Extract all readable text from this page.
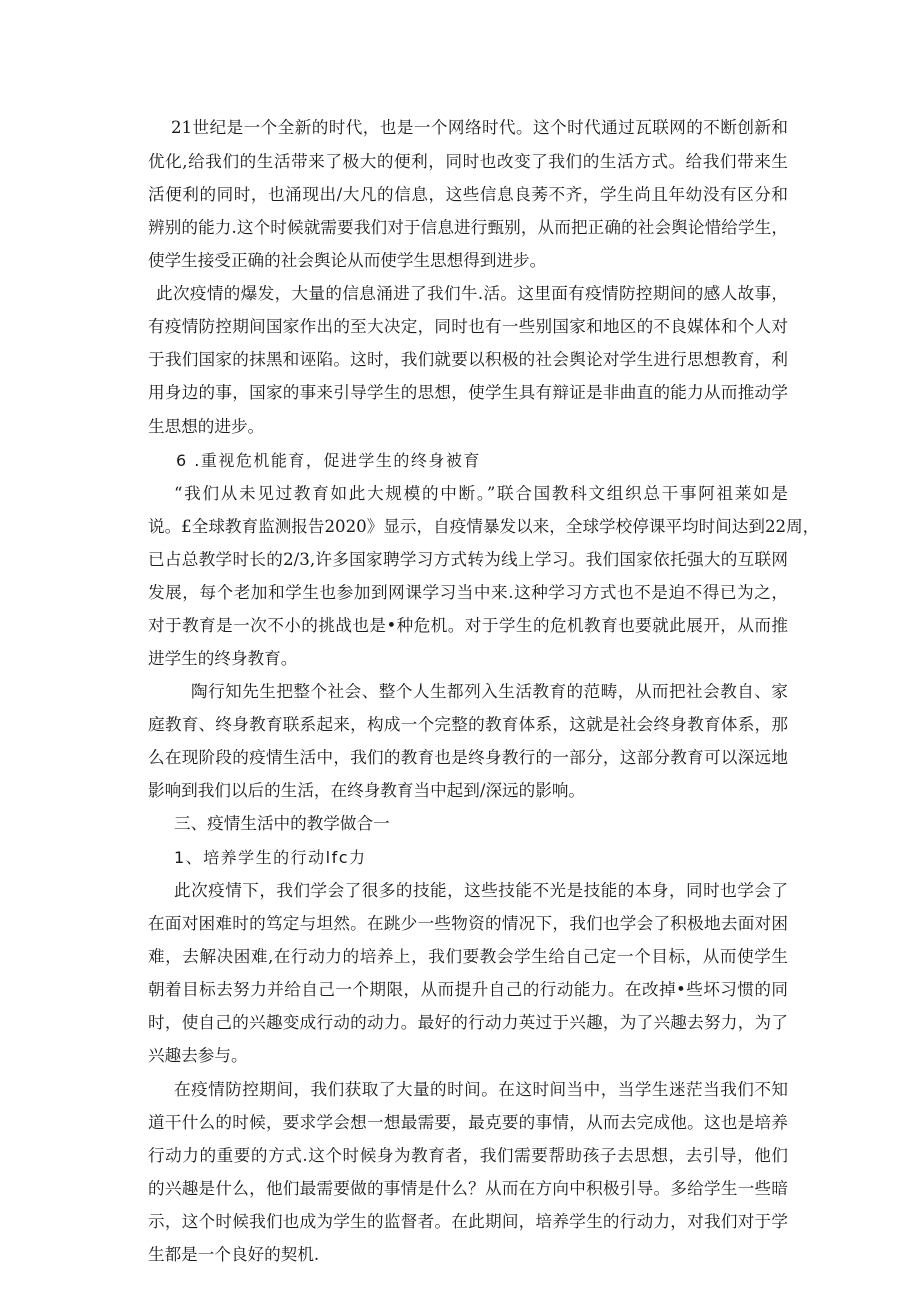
21世纪是一个全新的时代，也是一个网络时代。这个时代通过瓦联网的不断创新和
优化,给我们的生活带来了极大的便利，同时也改变了我们的生活方式。给我们带来生
活便利的同时，也涌现出/大凡的信息，这些信息良莠不齐，学生尚且年幼没有区分和
辨别的能力.这个时候就需要我们对于信息进行甄别，从而把正确的社会舆论惜给学生，
使学生接受正确的社会舆论从而使学生思想得到进步。
此次疫情的爆发，大量的信息涌进了我们牛.活。这里面有疫情防控期间的感人故事，
有疫情防控期间国家作出的至大决定，同时也有一些别国家和地区的不良媒体和个人对
于我们国家的抹黑和诬陷。这时，我们就要以积极的社会舆论对学生进行思想教育，利
用身边的事，国家的事来引导学生的思想，使学生具有辩证是非曲直的能力从而推动学
生思想的进步。
6 .重视危机能育，促进学生的终身被育
“我们从未见过教育如此大规模的中断。”联合国教科文组织总干事阿祖莱如是
说。£全球教育监测报告2020》显示，自疫情暴发以来，全球学校停课平均时间达到22周，
已占总教学时长的2/3,许多国家聘学习方式转为线上学习。我们国家依托强大的互联网
发展，每个老加和学生也参加到网课学习当中来.这种学习方式也不是迫不得已为之，
对于教育是一次不小的挑战也是•种危机。对于学生的危机教育也要就此展开，从而推
进学生的终身教育。
陶行知先生把整个社会、整个人生都列入生活教育的范畴，从而把社会教自、家
庭教育、终身教育联系起来，构成一个完整的教育体系，这就是社会终身教育体系，那
么在现阶段的疫情生活中，我们的教育也是终身教行的一部分，这部分教育可以深远地
影响到我们以后的生活，在终身教育当中起到/深远的影响。
三、疫情生活中的教学做合一
1、培养学生的行动lfc力
此次疫情下，我们学会了很多的技能，这些技能不光是技能的本身，同时也学会了
在面对困难时的笃定与坦然。在跳少一些物资的情况下，我们也学会了积极地去面对困
难，去解决困难,在行动力的培养上，我们要教会学生给自己定一个目标，从而使学生
朝着目标去努力并给自己一个期限，从而提升自己的行动能力。在改掉•些坏习惯的同
时，使自己的兴趣变成行动的动力。最好的行动力英过于兴趣，为了兴趣去努力，为了
兴趣去参与。
在疫情防控期间，我们获取了大量的时间。在这时间当中，当学生迷茫当我们不知
道干什么的时候，要求学会想一想最需要，最克要的事情，从而去完成他。这也是培养
行动力的重要的方式.这个时候身为教育者，我们需要帮助孩子去思想，去引导，他们
的兴趣是什么，他们最需要做的事情是什么？从而在方向中积极引导。多给学生一些暗
示，这个时候我们也成为学生的监督者。在此期间，培养学生的行动力，对我们对于学
生都是一个良好的契机.
